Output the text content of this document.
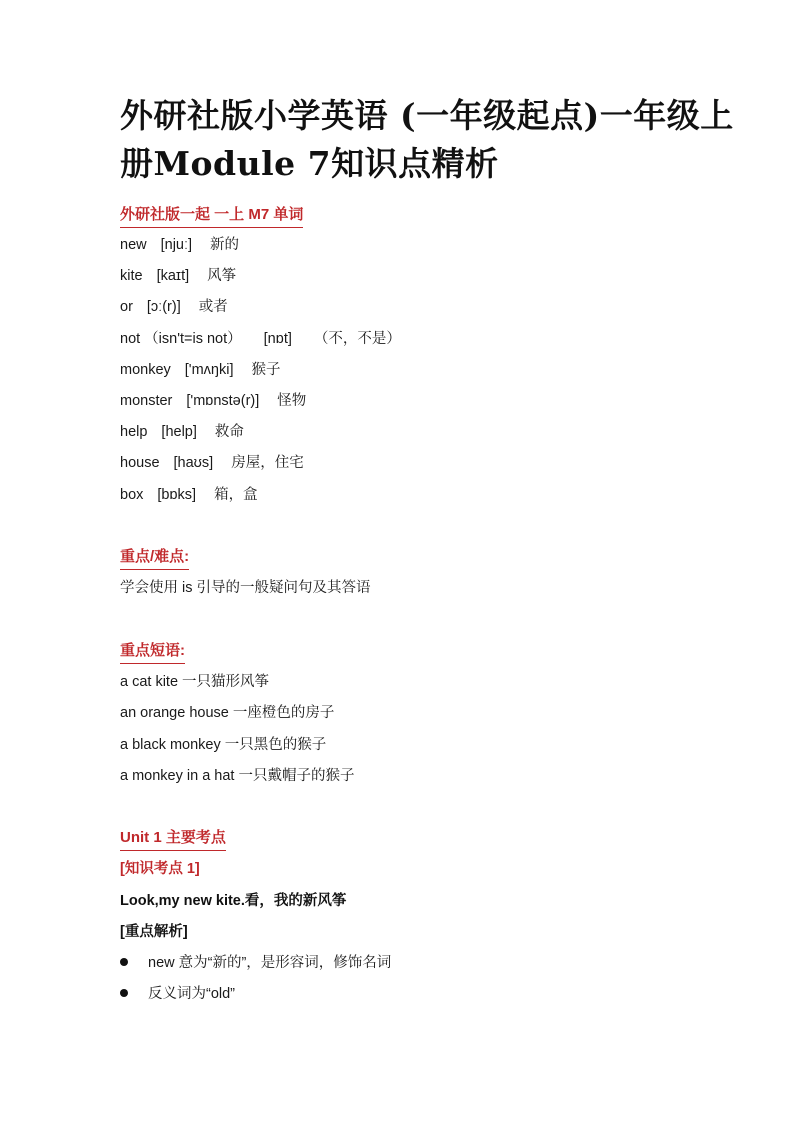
外研社版小学英语 (一年级起点)一年级上册Module 7知识点精析
外研社版一起 一上 M7 单词
new [njuː] 新的
kite [kaɪt] 风筝
or [ɔː(r)] 或者
not （isn't=is not） [nɒt] （不，不是）
monkey ['mʌŋki] 猴子
monster ['mɒnstə(r)] 怪物
help [help] 救命
house [haʊs] 房屋，住宅
box [bɒks] 箱，盒
重点/难点:
学会使用 is 引导的一般疑问句及其答语
重点短语:
a cat kite 一只猫形风筝
an orange house 一座橙色的房子
a black monkey 一只黑色的猴子
a monkey in a hat 一只戴帽子的猴子
Unit 1 主要考点
[知识考点 1]
Look,my new kite.看，我的新风筝
[重点解析]
new 意为“新的”，是形容词，修饰名词
反义词为“old”
